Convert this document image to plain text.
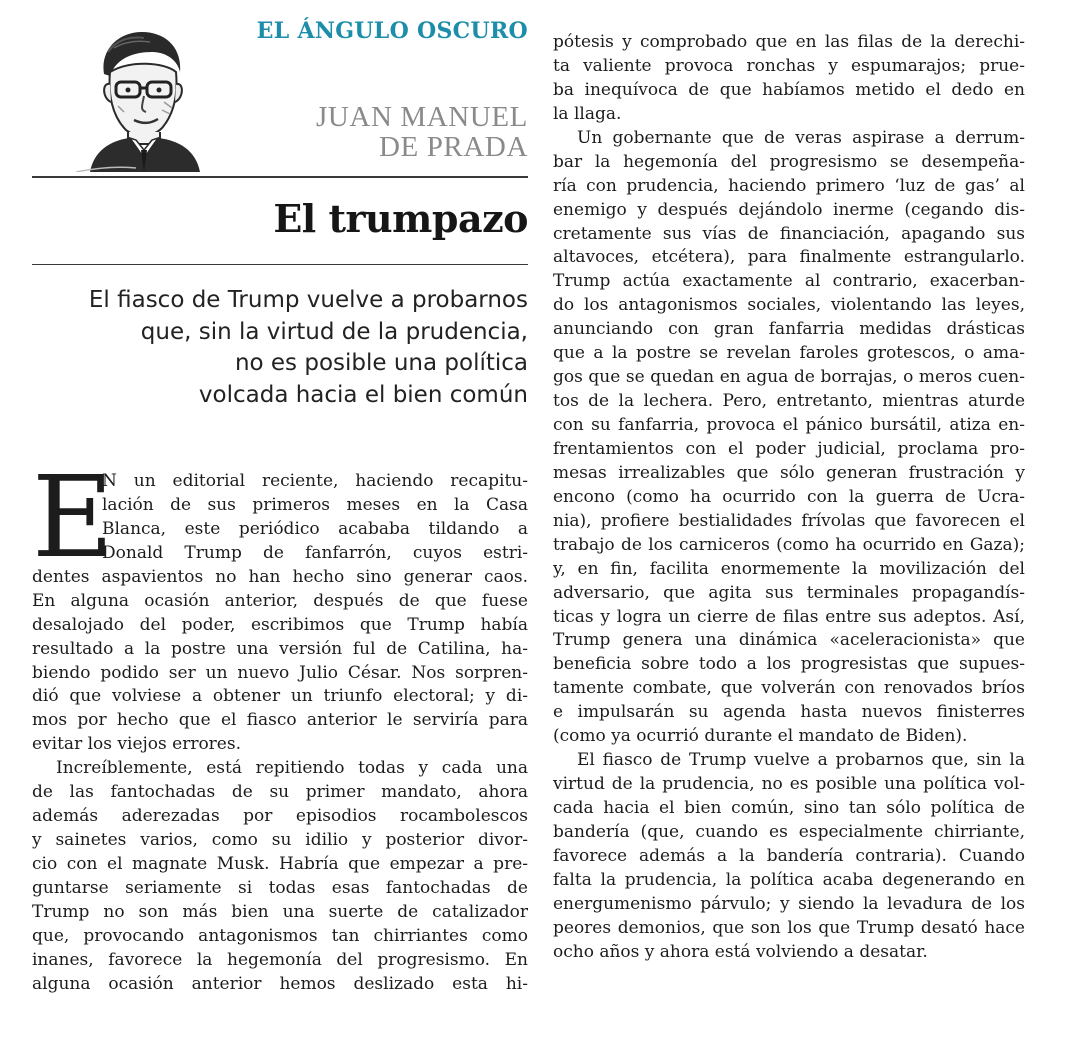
EL ÁNGULO OSCURO
JUAN MANUEL
DE PRADA
El trumpazo
El fiasco de Trump vuelve a probarnos
que, sin la virtud de la prudencia,
no es posible una política
volcada hacia el bien común
E
N un editorial reciente, haciendo recapitu-
lación de sus primeros meses en la Casa
Blanca, este periódico acababa tildando a
Donald Trump de fanfarrón, cuyos estri-
dentes aspavientos no han hecho sino generar caos.
En alguna ocasión anterior, después de que fuese
desalojado del poder, escribimos que Trump había
resultado a la postre una versión ful de Catilina, ha-
biendo podido ser un nuevo Julio César. Nos sorpren-
dió que volviese a obtener un triunfo electoral; y di-
mos por hecho que el fiasco anterior le serviría para
evitar los viejos errores.
Increíblemente, está repitiendo todas y cada una
de las fantochadas de su primer mandato, ahora
además aderezadas por episodios rocambolescos
y sainetes varios, como su idilio y posterior divor-
cio con el magnate Musk. Habría que empezar a pre-
guntarse seriamente si todas esas fantochadas de
Trump no son más bien una suerte de catalizador
que, provocando antagonismos tan chirriantes como
inanes, favorece la hegemonía del progresismo. En
alguna ocasión anterior hemos deslizado esta hi-
pótesis y comprobado que en las filas de la derechi-
ta valiente provoca ronchas y espumarajos; prue-
ba inequívoca de que habíamos metido el dedo en
la llaga.
Un gobernante que de veras aspirase a derrum-
bar la hegemonía del progresismo se desempeña-
ría con prudencia, haciendo primero ‘luz de gas’ al
enemigo y después dejándolo inerme (cegando dis-
cretamente sus vías de financiación, apagando sus
altavoces, etcétera), para finalmente estrangularlo.
Trump actúa exactamente al contrario, exacerban-
do los antagonismos sociales, violentando las leyes,
anunciando con gran fanfarria medidas drásticas
que a la postre se revelan faroles grotescos, o ama-
gos que se quedan en agua de borrajas, o meros cuen-
tos de la lechera. Pero, entretanto, mientras aturde
con su fanfarria, provoca el pánico bursátil, atiza en-
frentamientos con el poder judicial, proclama pro-
mesas irrealizables que sólo generan frustración y
encono (como ha ocurrido con la guerra de Ucra-
nia), profiere bestialidades frívolas que favorecen el
trabajo de los carniceros (como ha ocurrido en Gaza);
y, en fin, facilita enormemente la movilización del
adversario, que agita sus terminales propagandís-
ticas y logra un cierre de filas entre sus adeptos. Así,
Trump genera una dinámica «aceleracionista» que
beneficia sobre todo a los progresistas que supues-
tamente combate, que volverán con renovados bríos
e impulsarán su agenda hasta nuevos finisterres
(como ya ocurrió durante el mandato de Biden).
El fiasco de Trump vuelve a probarnos que, sin la
virtud de la prudencia, no es posible una política vol-
cada hacia el bien común, sino tan sólo política de
bandería (que, cuando es especialmente chirriante,
favorece además a la bandería contraria). Cuando
falta la prudencia, la política acaba degenerando en
energumenismo párvulo; y siendo la levadura de los
peores demonios, que son los que Trump desató hace
ocho años y ahora está volviendo a desatar.
